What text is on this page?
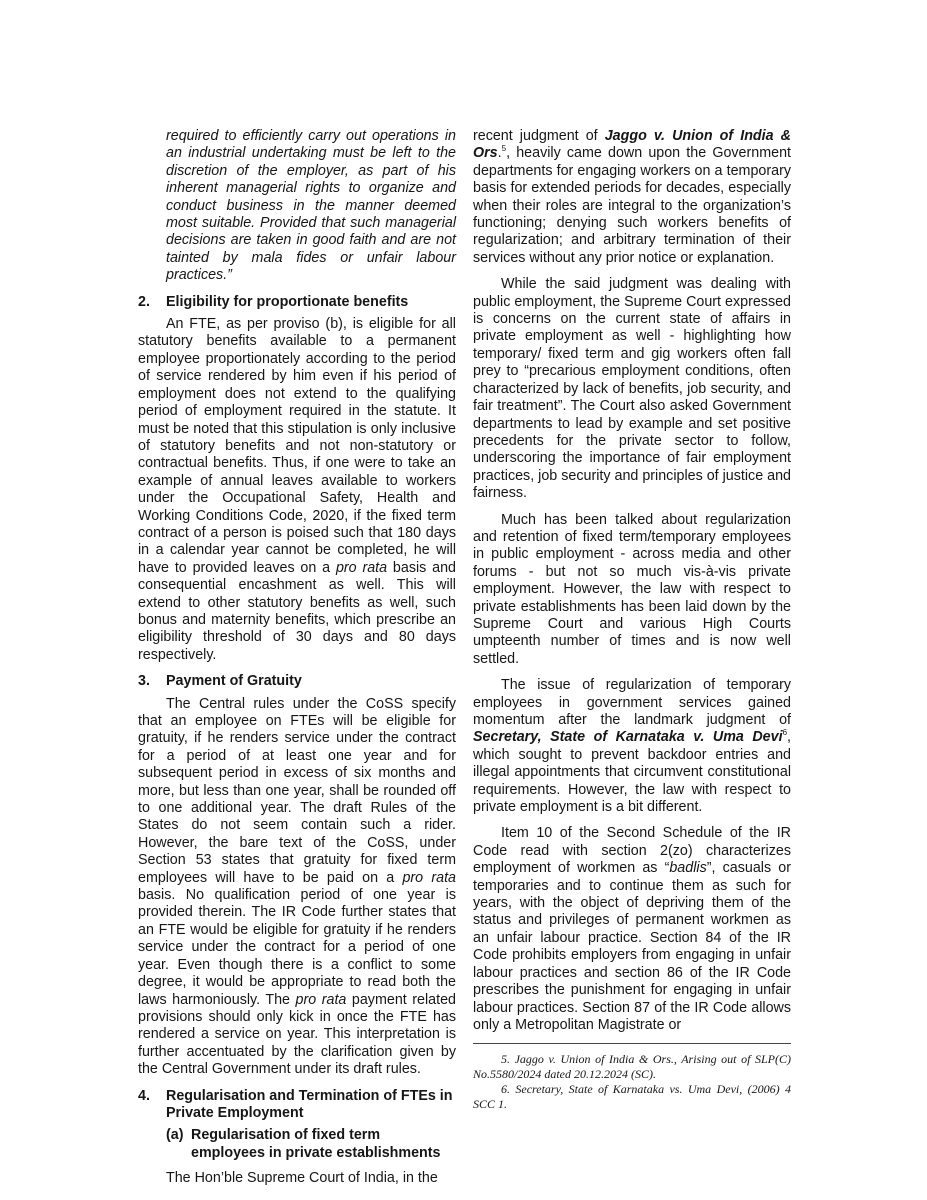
required to efficiently carry out operations in an industrial undertaking must be left to the discretion of the employer, as part of his inherent managerial rights to organize and conduct business in the manner deemed most suitable. Provided that such managerial decisions are taken in good faith and are not tainted by mala fides or unfair labour practices.”

2.	Eligibility for proportionate benefits

An FTE, as per proviso (b), is eligible for all statutory benefits available to a permanent employee proportionately according to the period of service rendered by him even if his period of employment does not extend to the qualifying period of employment required in the statute. It must be noted that this stipulation is only inclusive of statutory benefits and not non-statutory or contractual benefits. Thus, if one were to take an example of annual leaves available to workers under the Occupational Safety, Health and Working Conditions Code, 2020, if the fixed term contract of a person is poised such that 180 days in a calendar year cannot be completed, he will have to provided leaves on a pro rata basis and consequential encashment as well. This will extend to other statutory benefits as well, such bonus and maternity benefits, which prescribe an eligibility threshold of 30 days and 80 days respectively.

3.	Payment of Gratuity

The Central rules under the CoSS specify that an employee on FTEs will be eligible for gratuity, if he renders service under the contract for a period of at least one year and for subsequent period in excess of six months and more, but less than one year, shall be rounded off to one additional year. The draft Rules of the States do not seem contain such a rider. However, the bare text of the CoSS, under Section 53 states that gratuity for fixed term employees will have to be paid on a pro rata basis. No qualification period of one year is provided therein. The IR Code further states that an FTE would be eligible for gratuity if he renders service under the contract for a period of one year. Even though there is a conflict to some degree, it would be appropriate to read both the laws harmoniously. The pro rata payment related provisions should only kick in once the FTE has rendered a service on year. This interpretation is further accentuated by the clarification given by the Central Government under its draft rules.

4.	Regularisation and Termination of FTEs in Private Employment
(a) Regularisation of fixed term employees in private establishments

The Hon’ble Supreme Court of India, in the

recent judgment of Jaggo v. Union of India & Ors.$^5$, heavily came down upon the Government departments for engaging workers on a temporary basis for extended periods for decades, especially when their roles are integral to the organization’s functioning; denying such workers benefits of regularization; and arbitrary termination of their services without any prior notice or explanation.

While the said judgment was dealing with public employment, the Supreme Court expressed is concerns on the current state of affairs in private employment as well - highlighting how temporary/ fixed term and gig workers often fall prey to “precarious employment conditions, often characterized by lack of benefits, job security, and fair treatment”. The Court also asked Government departments to lead by example and set positive precedents for the private sector to follow, underscoring the importance of fair employment practices, job security and principles of justice and fairness.

Much has been talked about regularization and retention of fixed term/temporary employees in public employment - across media and other forums - but not so much vis-à-vis private employment. However, the law with respect to private establishments has been laid down by the Supreme Court and various High Courts umpteenth number of times and is now well settled.

The issue of regularization of temporary employees in government services gained momentum after the landmark judgment of Secretary, State of Karnataka v. Uma Devi$^6$, which sought to prevent backdoor entries and illegal appointments that circumvent constitutional requirements. However, the law with respect to private employment is a bit different.

Item 10 of the Second Schedule of the IR Code read with section 2(zo) characterizes employment of workmen as “badlis”, casuals or temporaries and to continue them as such for years, with the object of depriving them of the status and privileges of permanent workmen as an unfair labour practice. Section 84 of the IR Code prohibits employers from engaging in unfair labour practices and section 86 of the IR Code prescribes the punishment for engaging in unfair labour practices. Section 87 of the IR Code allows only a Metropolitan Magistrate or

5. Jaggo v. Union of India & Ors., Arising out of SLP(C) No.5580/2024 dated 20.12.2024 (SC).

6. Secretary, State of Karnataka vs. Uma Devi, (2006) 4 SCC 1.
